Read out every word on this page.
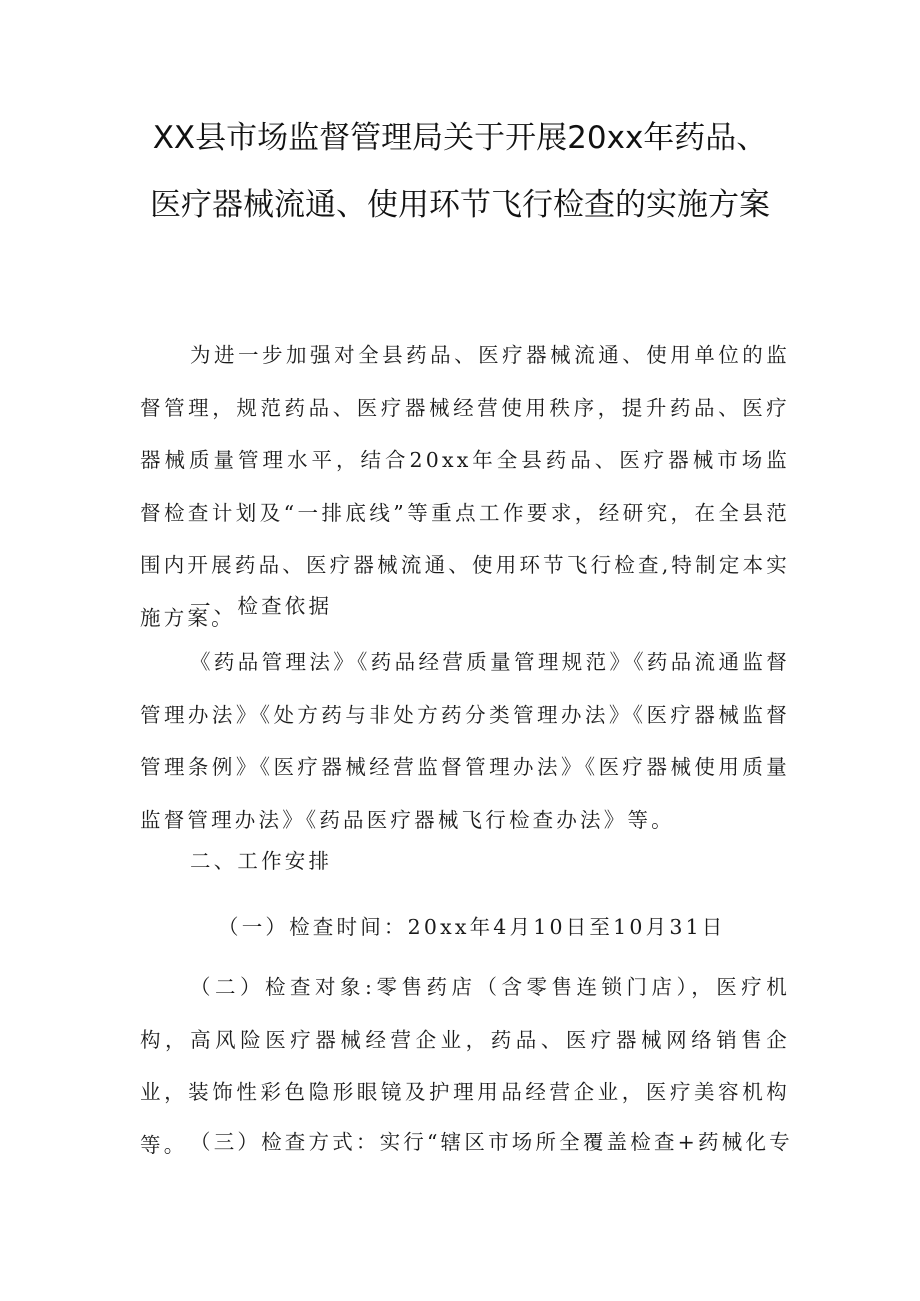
XX县市场监督管理局关于开展20xx年药品、
医疗器械流通、使用环节飞行检查的实施方案
为进一步加强对全县药品、医疗器械流通、使用单位的监督管理，规范药品、医疗器械经营使用秩序，提升药品、医疗器械质量管理水平，结合20xx年全县药品、医疗器械市场监督检查计划及“一排底线”等重点工作要求，经研究，在全县范围内开展药品、医疗器械流通、使用环节飞行检查,特制定本实施方案。
一、检查依据
《药品管理法》《药品经营质量管理规范》《药品流通监督管理办法》《处方药与非处方药分类管理办法》《医疗器械监督管理条例》《医疗器械经营监督管理办法》《医疗器械使用质量监督管理办法》《药品医疗器械飞行检查办法》等。
二、工作安排
（一）检查时间：20xx年4月10日至10月31日
（二）检查对象:零售药店（含零售连锁门店），医疗机构，高风险医疗器械经营企业，药品、医疗器械网络销售企业，装饰性彩色隐形眼镜及护理用品经营企业，医疗美容机构等。 （三）检查方式：实行“辖区市场所全覆盖检查+药械化专
